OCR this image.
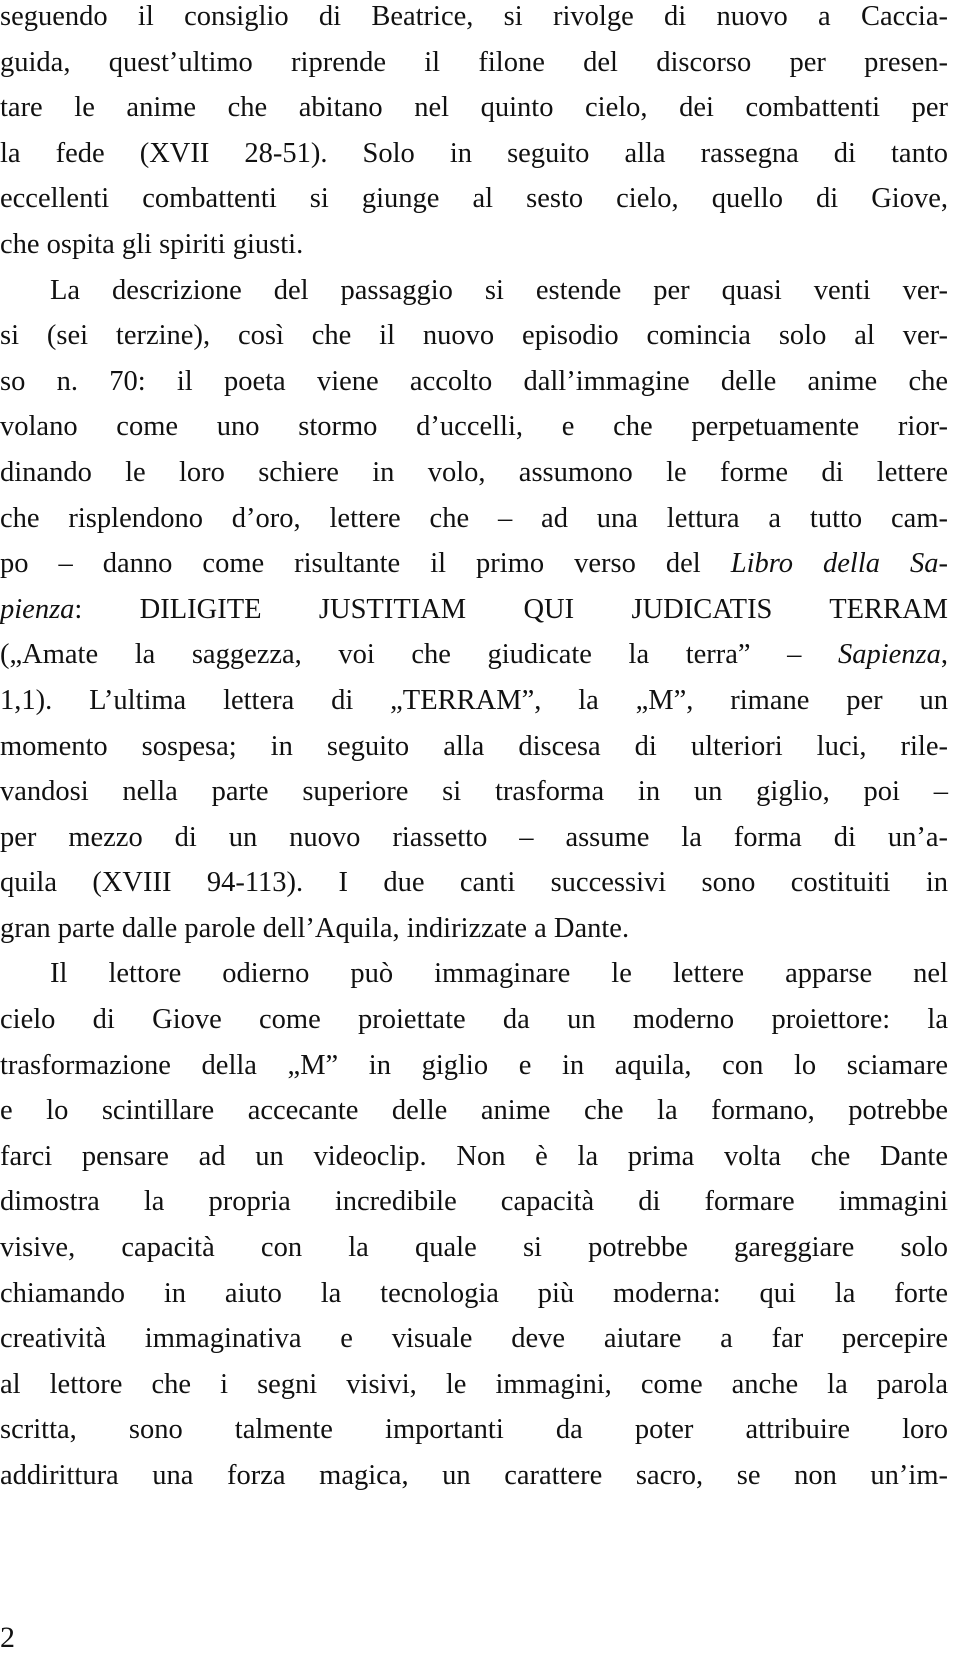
seguendo il consiglio di Beatrice, si rivolge di nuovo a Caccia-
guida, quest’ultimo riprende il filone del discorso per presen-
tare le anime che abitano nel quinto cielo, dei combattenti per
la fede (XVII 28-51). Solo in seguito alla rassegna di tanto
eccellenti combattenti si giunge al sesto cielo, quello di Giove,
che ospita gli spiriti giusti.
La descrizione del passaggio si estende per quasi venti ver-
si (sei terzine), così che il nuovo episodio comincia solo al ver-
so n. 70: il poeta viene accolto dall’immagine delle anime che
volano come uno stormo d’uccelli, e che perpetuamente rior-
dinando le loro schiere in volo, assumono le forme di lettere
che risplendono d’oro, lettere che – ad una lettura a tutto cam-
po – danno come risultante il primo verso del Libro della Sa-
pienza: DILIGITE JUSTITIAM QUI JUDICATIS TERRAM
(„Amate la saggezza, voi che giudicate la terra” – Sapienza,
1,1). L’ultima lettera di „TERRAM”, la „M”, rimane per un
momento sospesa; in seguito alla discesa di ulteriori luci, rile-
vandosi nella parte superiore si trasforma in un giglio, poi –
per mezzo di un nuovo riassetto – assume la forma di un’a-
quila (XVIII 94-113). I due canti successivi sono costituiti in
gran parte dalle parole dell’Aquila, indirizzate a Dante.
Il lettore odierno può immaginare le lettere apparse nel
cielo di Giove come proiettate da un moderno proiettore: la
trasformazione della „M” in giglio e in aquila, con lo sciamare
e lo scintillare accecante delle anime che la formano, potrebbe
farci pensare ad un videoclip. Non è la prima volta che Dante
dimostra la propria incredibile capacità di formare immagini
visive, capacità con la quale si potrebbe gareggiare solo
chiamando in aiuto la tecnologia più moderna: qui la forte
creatività immaginativa e visuale deve aiutare a far percepire
al lettore che i segni visivi, le immagini, come anche la parola
scritta, sono talmente importanti da poter attribuire loro
addirittura una forza magica, un carattere sacro, se non un’im-
2
